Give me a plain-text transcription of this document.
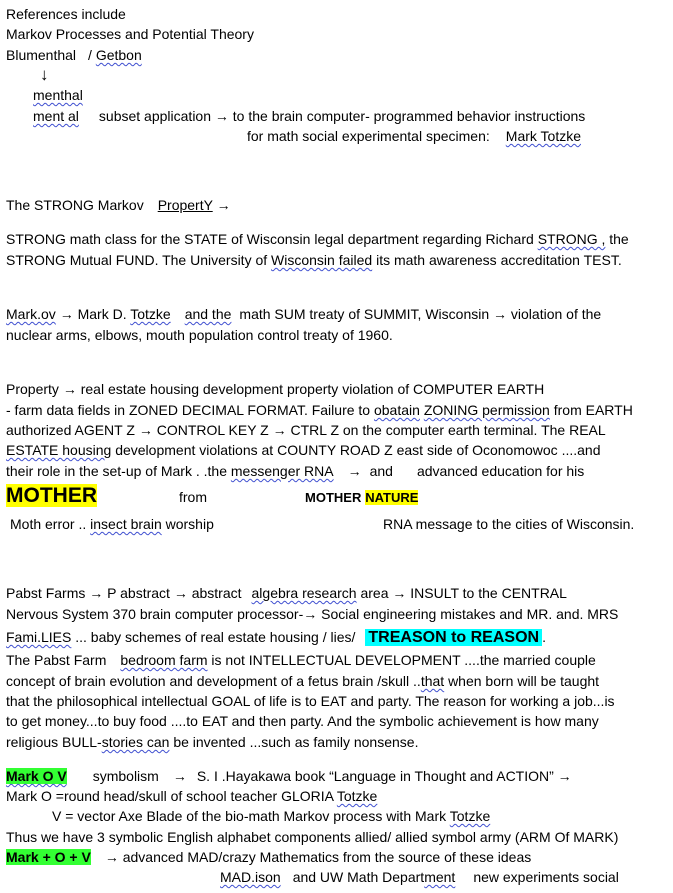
References include
Markov Processes and Potential Theory
Blumenthal / Getbon
↓
menthal
ment al subset application → to the brain computer- programmed behavior instructions
for math social experimental specimen: Mark Totzke
The STRONG Markov PropertY →
STRONG math class for the STATE of Wisconsin legal department regarding Richard STRONG , the
STRONG Mutual FUND. The University of Wisconsin failed its math awareness accreditation TEST.
Mark.ov → Mark D. Totzke and the math SUM treaty of SUMMIT, Wisconsin → violation of the
nuclear arms, elbows, mouth population control treaty of 1960.
Property → real estate housing development property violation of COMPUTER EARTH
- farm data fields in ZONED DECIMAL FORMAT. Failure to obatain ZONING permission from EARTH
authorized AGENT Z → CONTROL KEY Z → CTRL Z on the computer earth terminal. The REAL
ESTATE housing development violations at COUNTY ROAD Z east side of Oconomowoc ....and
their role in the set-up of Mark . .the messenger RNA → and advanced education for his
MOTHER	from	MOTHER NATURE
Moth error .. insect brain worship	RNA message to the cities of Wisconsin.
Pabst Farms → P abstract → abstract algebra research area → INSULT to the CENTRAL
Nervous System 370 brain computer processor-→ Social engineering mistakes and MR. and. MRS
Fami.LIES ... baby schemes of real estate housing / lies/ TREASON to REASON .
The Pabst Farm bedroom farm is not INTELLECTUAL DEVELOPMENT ....the married couple
concept of brain evolution and development of a fetus brain /skull ..that when born will be taught
that the philosophical intellectual GOAL of life is to EAT and party. The reason for working a job...is
to get money...to buy food ....to EAT and then party. And the symbolic achievement is how many
religious BULL-stories can be invented ...such as family nonsense.
Mark O V symbolism → S. I .Hayakawa book “Language in Thought and ACTION” →
Mark O =round head/skull of school teacher GLORIA Totzke
V = vector Axe Blade of the bio-math Markov process with Mark Totzke
Thus we have 3 symbolic English alphabet components allied/ allied symbol army (ARM Of MARK)
Mark + O + V → advanced MAD/crazy Mathematics from the source of these ideas
MAD.ison and UW Math Department new experiments social
